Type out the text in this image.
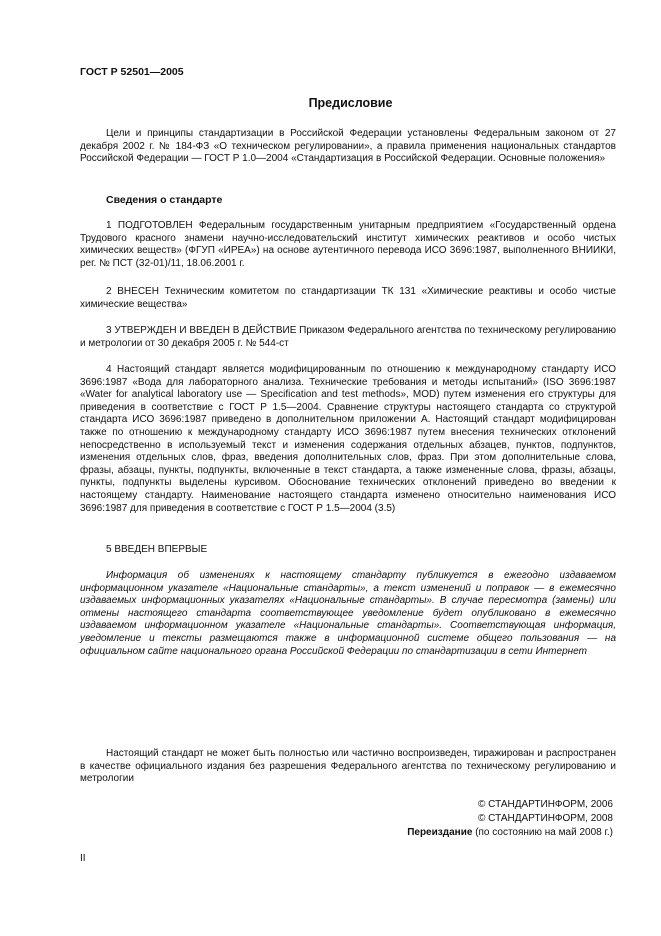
ГОСТ Р 52501—2005
Предисловие
Цели и принципы стандартизации в Российской Федерации установлены Федеральным законом от 27 декабря 2002 г. № 184-ФЗ «О техническом регулировании», а правила применения национальных стандартов Российской Федерации — ГОСТ Р 1.0—2004 «Стандартизация в Российской Федерации. Основные положения»
Сведения о стандарте
1 ПОДГОТОВЛЕН Федеральным государственным унитарным предприятием «Государственный ордена Трудового красного знамени научно-исследовательский институт химических реактивов и особо чистых химических веществ» (ФГУП «ИРЕА») на основе аутентичного перевода ИСО 3696:1987, выполненного ВНИИКИ, рег. № ПСТ (32-01)/11, 18.06.2001 г.
2 ВНЕСЕН Техническим комитетом по стандартизации ТК 131 «Химические реактивы и особо чистые химические вещества»
3 УТВЕРЖДЕН И ВВЕДЕН В ДЕЙСТВИЕ Приказом Федерального агентства по техническому регулированию и метрологии от 30 декабря 2005 г. № 544-ст
4 Настоящий стандарт является модифицированным по отношению к международному стандарту ИСО 3696:1987 «Вода для лабораторного анализа. Технические требования и методы испытаний» (ISO 3696:1987 «Water for analytical laboratory use — Specification and test methods», MOD) путем изменения его структуры для приведения в соответствие с ГОСТ Р 1.5—2004. Сравнение структуры настоящего стандарта со структурой стандарта ИСО 3696:1987 приведено в дополнительном приложении А. Настоящий стандарт модифицирован также по отношению к международному стандарту ИСО 3696:1987 путем внесения технических отклонений непосредственно в используемый текст и изменения содержания отдельных абзацев, пунктов, подпунктов, изменения отдельных слов, фраз, введения дополнительных слов, фраз. При этом дополнительные слова, фразы, абзацы, пункты, подпункты, включенные в текст стандарта, а также измененные слова, фразы, абзацы, пункты, подпункты выделены курсивом. Обоснование технических отклонений приведено во введении к настоящему стандарту. Наименование настоящего стандарта изменено относительно наименования ИСО 3696:1987 для приведения в соответствие с ГОСТ Р 1.5—2004 (3.5)
5 ВВЕДЕН ВПЕРВЫЕ
Информация об изменениях к настоящему стандарту публикуется в ежегодно издаваемом информационном указателе «Национальные стандарты», а текст изменений и поправок — в ежемесячно издаваемых информационных указателях «Национальные стандарты». В случае пересмотра (замены) или отмены настоящего стандарта соответствующее уведомление будет опубликовано в ежемесячно издаваемом информационном указателе «Национальные стандарты». Соответствующая информация, уведомление и тексты размещаются также в информационной системе общего пользования — на официальном сайте национального органа Российской Федерации по стандартизации в сети Интернет
Настоящий стандарт не может быть полностью или частично воспроизведен, тиражирован и распространен в качестве официального издания без разрешения Федерального агентства по техническому регулированию и метрологии
© СТАНДАРТИНФОРМ, 2006
© СТАНДАРТИНФОРМ, 2008
Переиздание (по состоянию на май 2008 г.)
II
